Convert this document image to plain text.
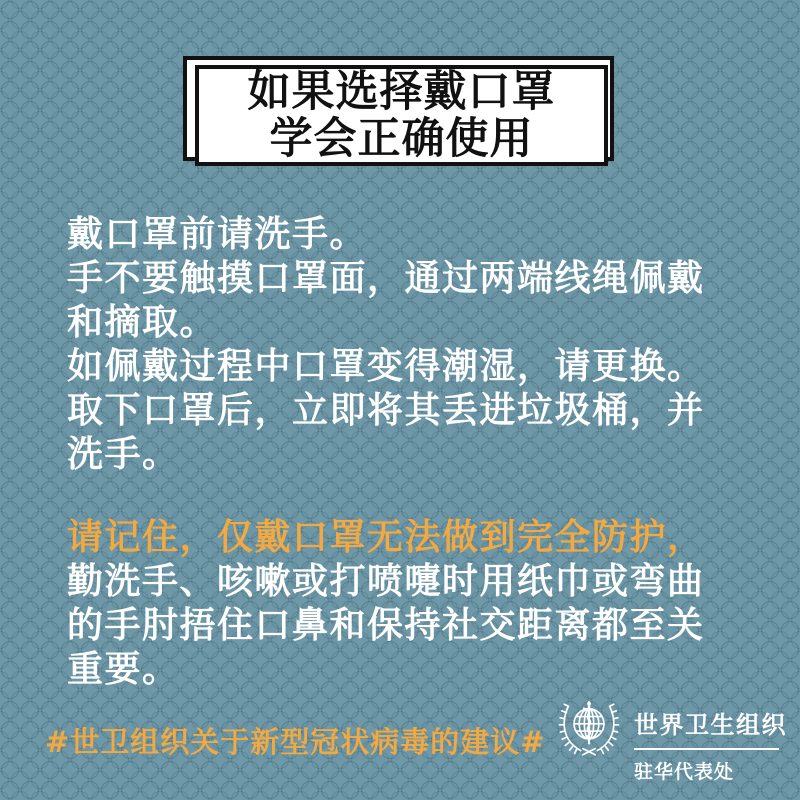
如果选择戴口罩
学会正确使用
戴口罩前请洗手。
手不要触摸口罩面，通过两端线绳佩戴
和摘取。
如佩戴过程中口罩变得潮湿，请更换。
取下口罩后，立即将其丢进垃圾桶，并
洗手。
请记住，仅戴口罩无法做到完全防护，
勤洗手、咳嗽或打喷嚏时用纸巾或弯曲
的手肘捂住口鼻和保持社交距离都至关
重要。
#世卫组织关于新型冠状病毒的建议#	世界卫生组织
驻华代表处
